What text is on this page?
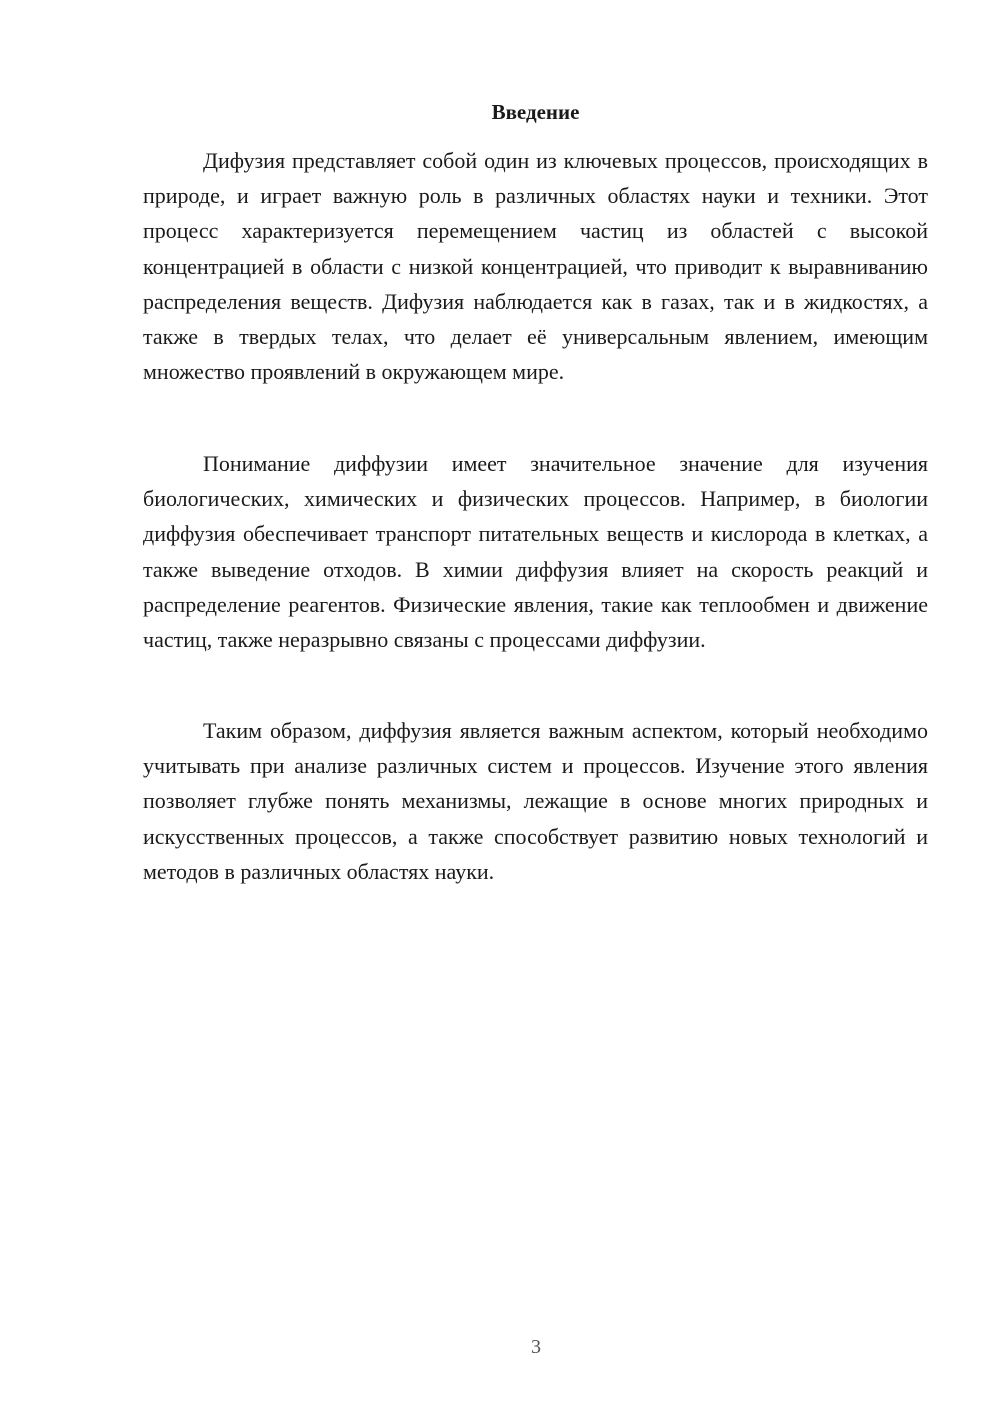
Введение

Дифузия представляет собой один из ключевых процессов, происходящих в природе, и играет важную роль в различных областях науки и техники. Этот процесс характеризуется перемещением частиц из областей с высокой концентрацией в области с низкой концентрацией, что приводит к выравниванию распределения веществ. Дифузия наблюдается как в газах, так и в жидкостях, а также в твердых телах, что делает её универсальным явлением, имеющим множество проявлений в окружающем мире.

Понимание диффузии имеет значительное значение для изучения биологических, химических и физических процессов. Например, в биологии диффузия обеспечивает транспорт питательных веществ и кислорода в клетках, а также выведение отходов. В химии диффузия влияет на скорость реакций и распределение реагентов. Физические явления, такие как теплообмен и движение частиц, также неразрывно связаны с процессами диффузии.

Таким образом, диффузия является важным аспектом, который необходимо учитывать при анализе различных систем и процессов. Изучение этого явления позволяет глубже понять механизмы, лежащие в основе многих природных и искусственных процессов, а также способствует развитию новых технологий и методов в различных областях науки.

3
